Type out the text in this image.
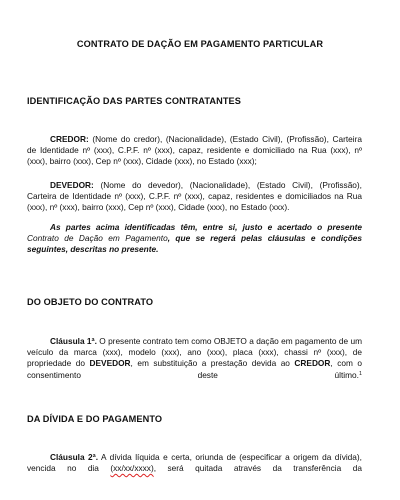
CONTRATO DE DAÇÃO EM PAGAMENTO PARTICULAR
IDENTIFICAÇÃO DAS PARTES CONTRATANTES

CREDOR: (Nome do credor), (Nacionalidade), (Estado Civil), (Profissão), Carteira de Identidade nº (xxx), C.P.F. nº (xxx), capaz, residente e domiciliado na Rua (xxx), nº (xxx), bairro (xxx), Cep nº (xxx), Cidade (xxx), no Estado (xxx);

DEVEDOR: (Nome do devedor), (Nacionalidade), (Estado Civil), (Profissão), Carteira de Identidade nº (xxx), C.P.F. nº (xxx), capaz, residentes e domiciliados na Rua (xxx), nº (xxx), bairro (xxx), Cep nº (xxx), Cidade (xxx), no Estado (xxx).

As partes acima identificadas têm, entre si, justo e acertado o presente Contrato de Dação em Pagamento, que se regerá pelas cláusulas e condições seguintes, descritas no presente.

DO OBJETO DO CONTRATO

Cláusula 1ª. O presente contrato tem como OBJETO a dação em pagamento de um veículo da marca (xxx), modelo (xxx), ano (xxx), placa (xxx), chassi nº (xxx), de propriedade do DEVEDOR, em substituição a prestação devida ao CREDOR, com o consentimento deste último.$^1$

DA DÍVIDA E DO PAGAMENTO

Cláusula 2ª. A dívida líquida e certa, oriunda de (especificar a origem da dívida), vencida no dia (xx/xx/xxxx), será quitada através da transferência da
